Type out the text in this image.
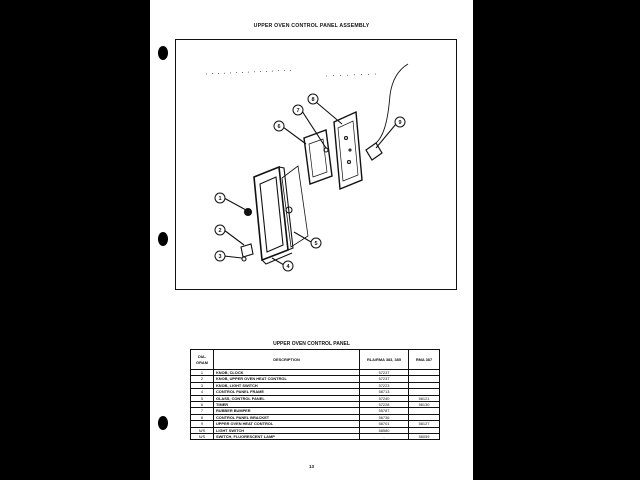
UPPER OVEN CONTROL PANEL ASSEMBLY
1
2
3
4
5
6
7
8
9
UPPER OVEN CONTROL PANEL
DIA-GRAM	DESCRIPTION	RLA/RMA 383, 385	RMA 387
1	KNOB, CLOCK	57237	
2	KNOB, UPPER OVEN HEAT CONTROL	57237	
3	KNOB, LIGHT SWITCH	57223	
4	CONTROL PANEL FRAME	58713	
5	GLASS, CONTROL PANEL	57240	58121
6	TIMER	57228	58130
7	RUBBER BUMPER	55787	
8	CONTROL PANEL BRACKET	56736	
9	UPPER OVEN HEAT CONTROL	58701	58127
N/S	LIGHT SWITCH	58580	
N/S	SWITCH, FLUORESCENT LAMP	-	58059
13
